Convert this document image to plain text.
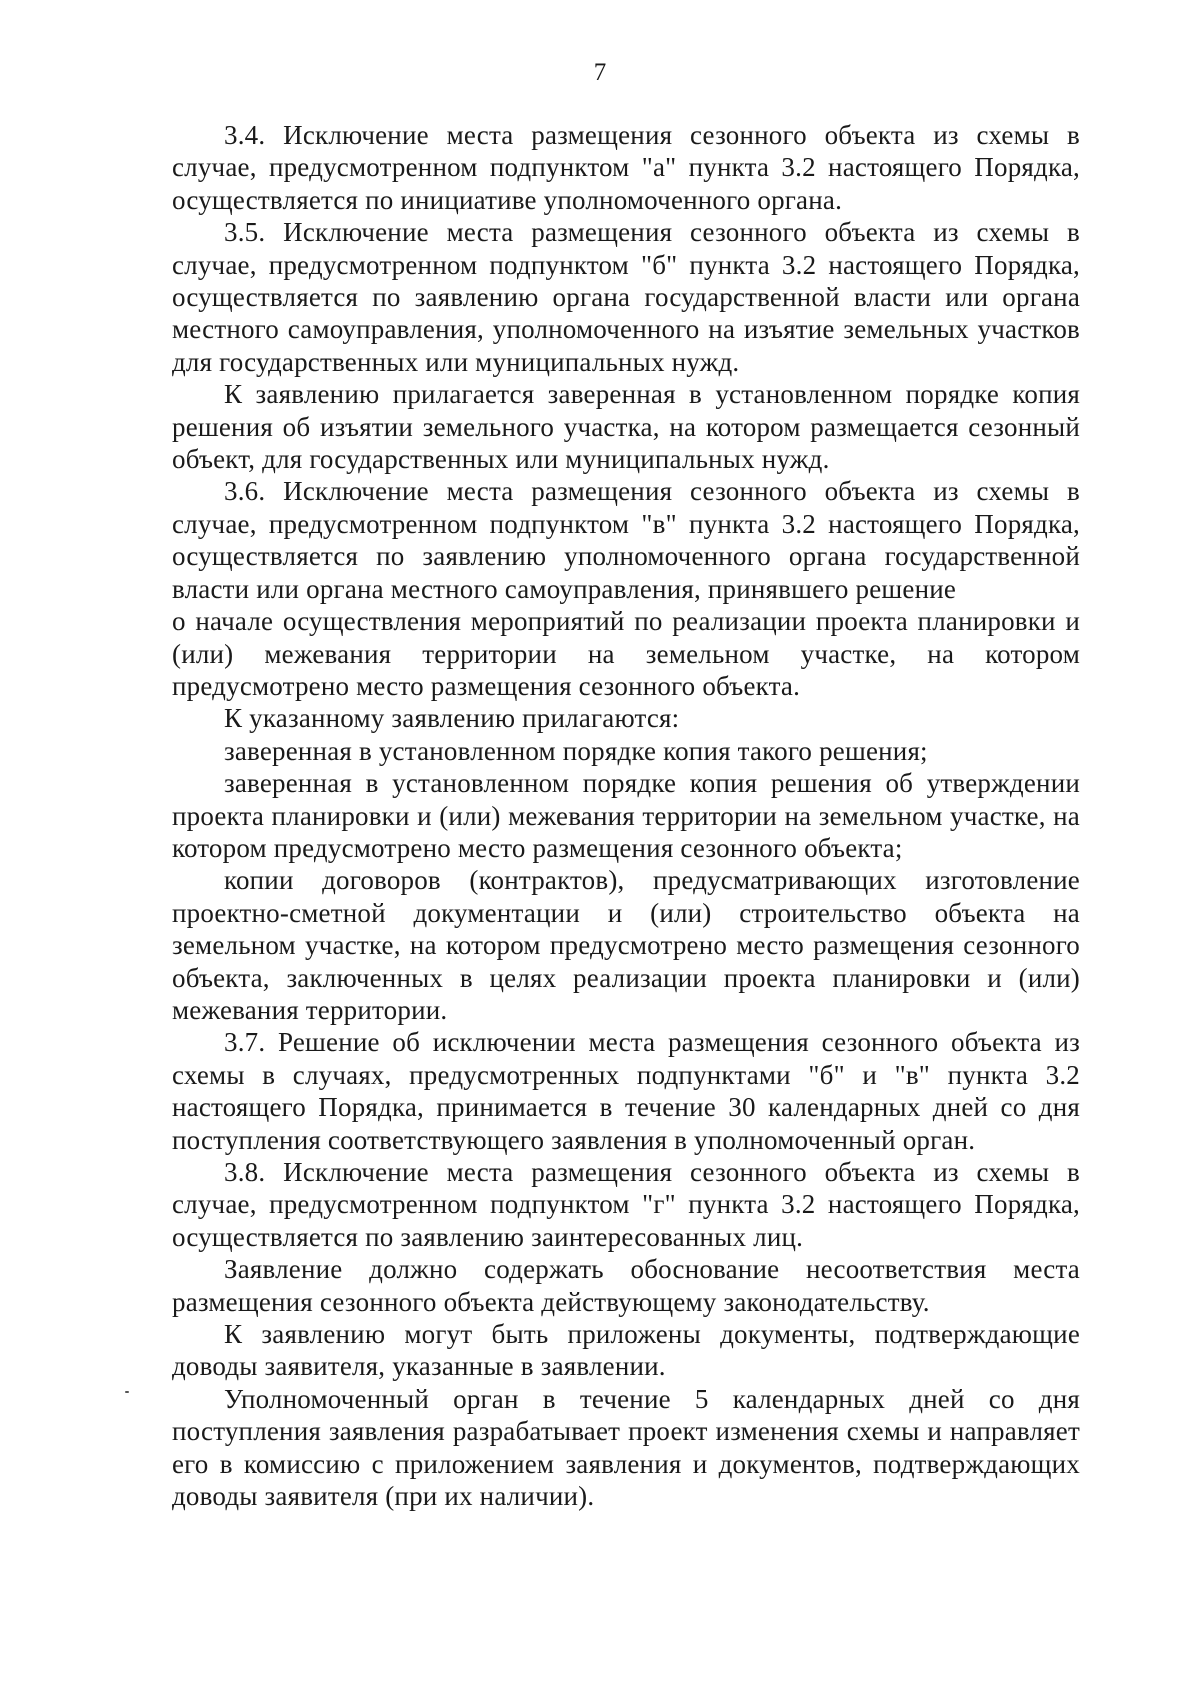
7

3.4. Исключение места размещения сезонного объекта из схемы в случае, предусмотренном подпунктом "а" пункта 3.2 настоящего Порядка, осуществляется по инициативе уполномоченного органа.

3.5. Исключение места размещения сезонного объекта из схемы в случае, предусмотренном подпунктом "б" пункта 3.2 настоящего Порядка, осуществляется по заявлению органа государственной власти или органа местного самоуправления, уполномоченного на изъятие земельных участков для государственных или муниципальных нужд.

К заявлению прилагается заверенная в установленном порядке копия решения об изъятии земельного участка, на котором размещается сезонный объект, для государственных или муниципальных нужд.

3.6. Исключение места размещения сезонного объекта из схемы в случае, предусмотренном подпунктом "в" пункта 3.2 настоящего Порядка, осуществляется по заявлению уполномоченного органа государственной власти или органа местного самоуправления, принявшего решение

о начале осуществления мероприятий по реализации проекта планировки и (или) межевания территории на земельном участке, на котором предусмотрено место размещения сезонного объекта.

К указанному заявлению прилагаются:

заверенная в установленном порядке копия такого решения;

заверенная в установленном порядке копия решения об утверждении проекта планировки и (или) межевания территории на земельном участке, на котором предусмотрено место размещения сезонного объекта;

копии договоров (контрактов), предусматривающих изготовление проектно-сметной документации и (или) строительство объекта на земельном участке, на котором предусмотрено место размещения сезонного объекта, заключенных в целях реализации проекта планировки и (или) межевания территории.

3.7. Решение об исключении места размещения сезонного объекта из схемы в случаях, предусмотренных подпунктами "б" и "в" пункта 3.2 настоящего Порядка, принимается в течение 30 календарных дней со дня поступления соответствующего заявления в уполномоченный орган.

3.8. Исключение места размещения сезонного объекта из схемы в случае, предусмотренном подпунктом "г" пункта 3.2 настоящего Порядка, осуществляется по заявлению заинтересованных лиц.

Заявление должно содержать обоснование несоответствия места размещения сезонного объекта действующему законодательству.

К заявлению могут быть приложены документы, подтверждающие доводы заявителя, указанные в заявлении.

Уполномоченный орган в течение 5 календарных дней со дня поступления заявления разрабатывает проект изменения схемы и направляет его в комиссию с приложением заявления и документов, подтверждающих доводы заявителя (при их наличии).
